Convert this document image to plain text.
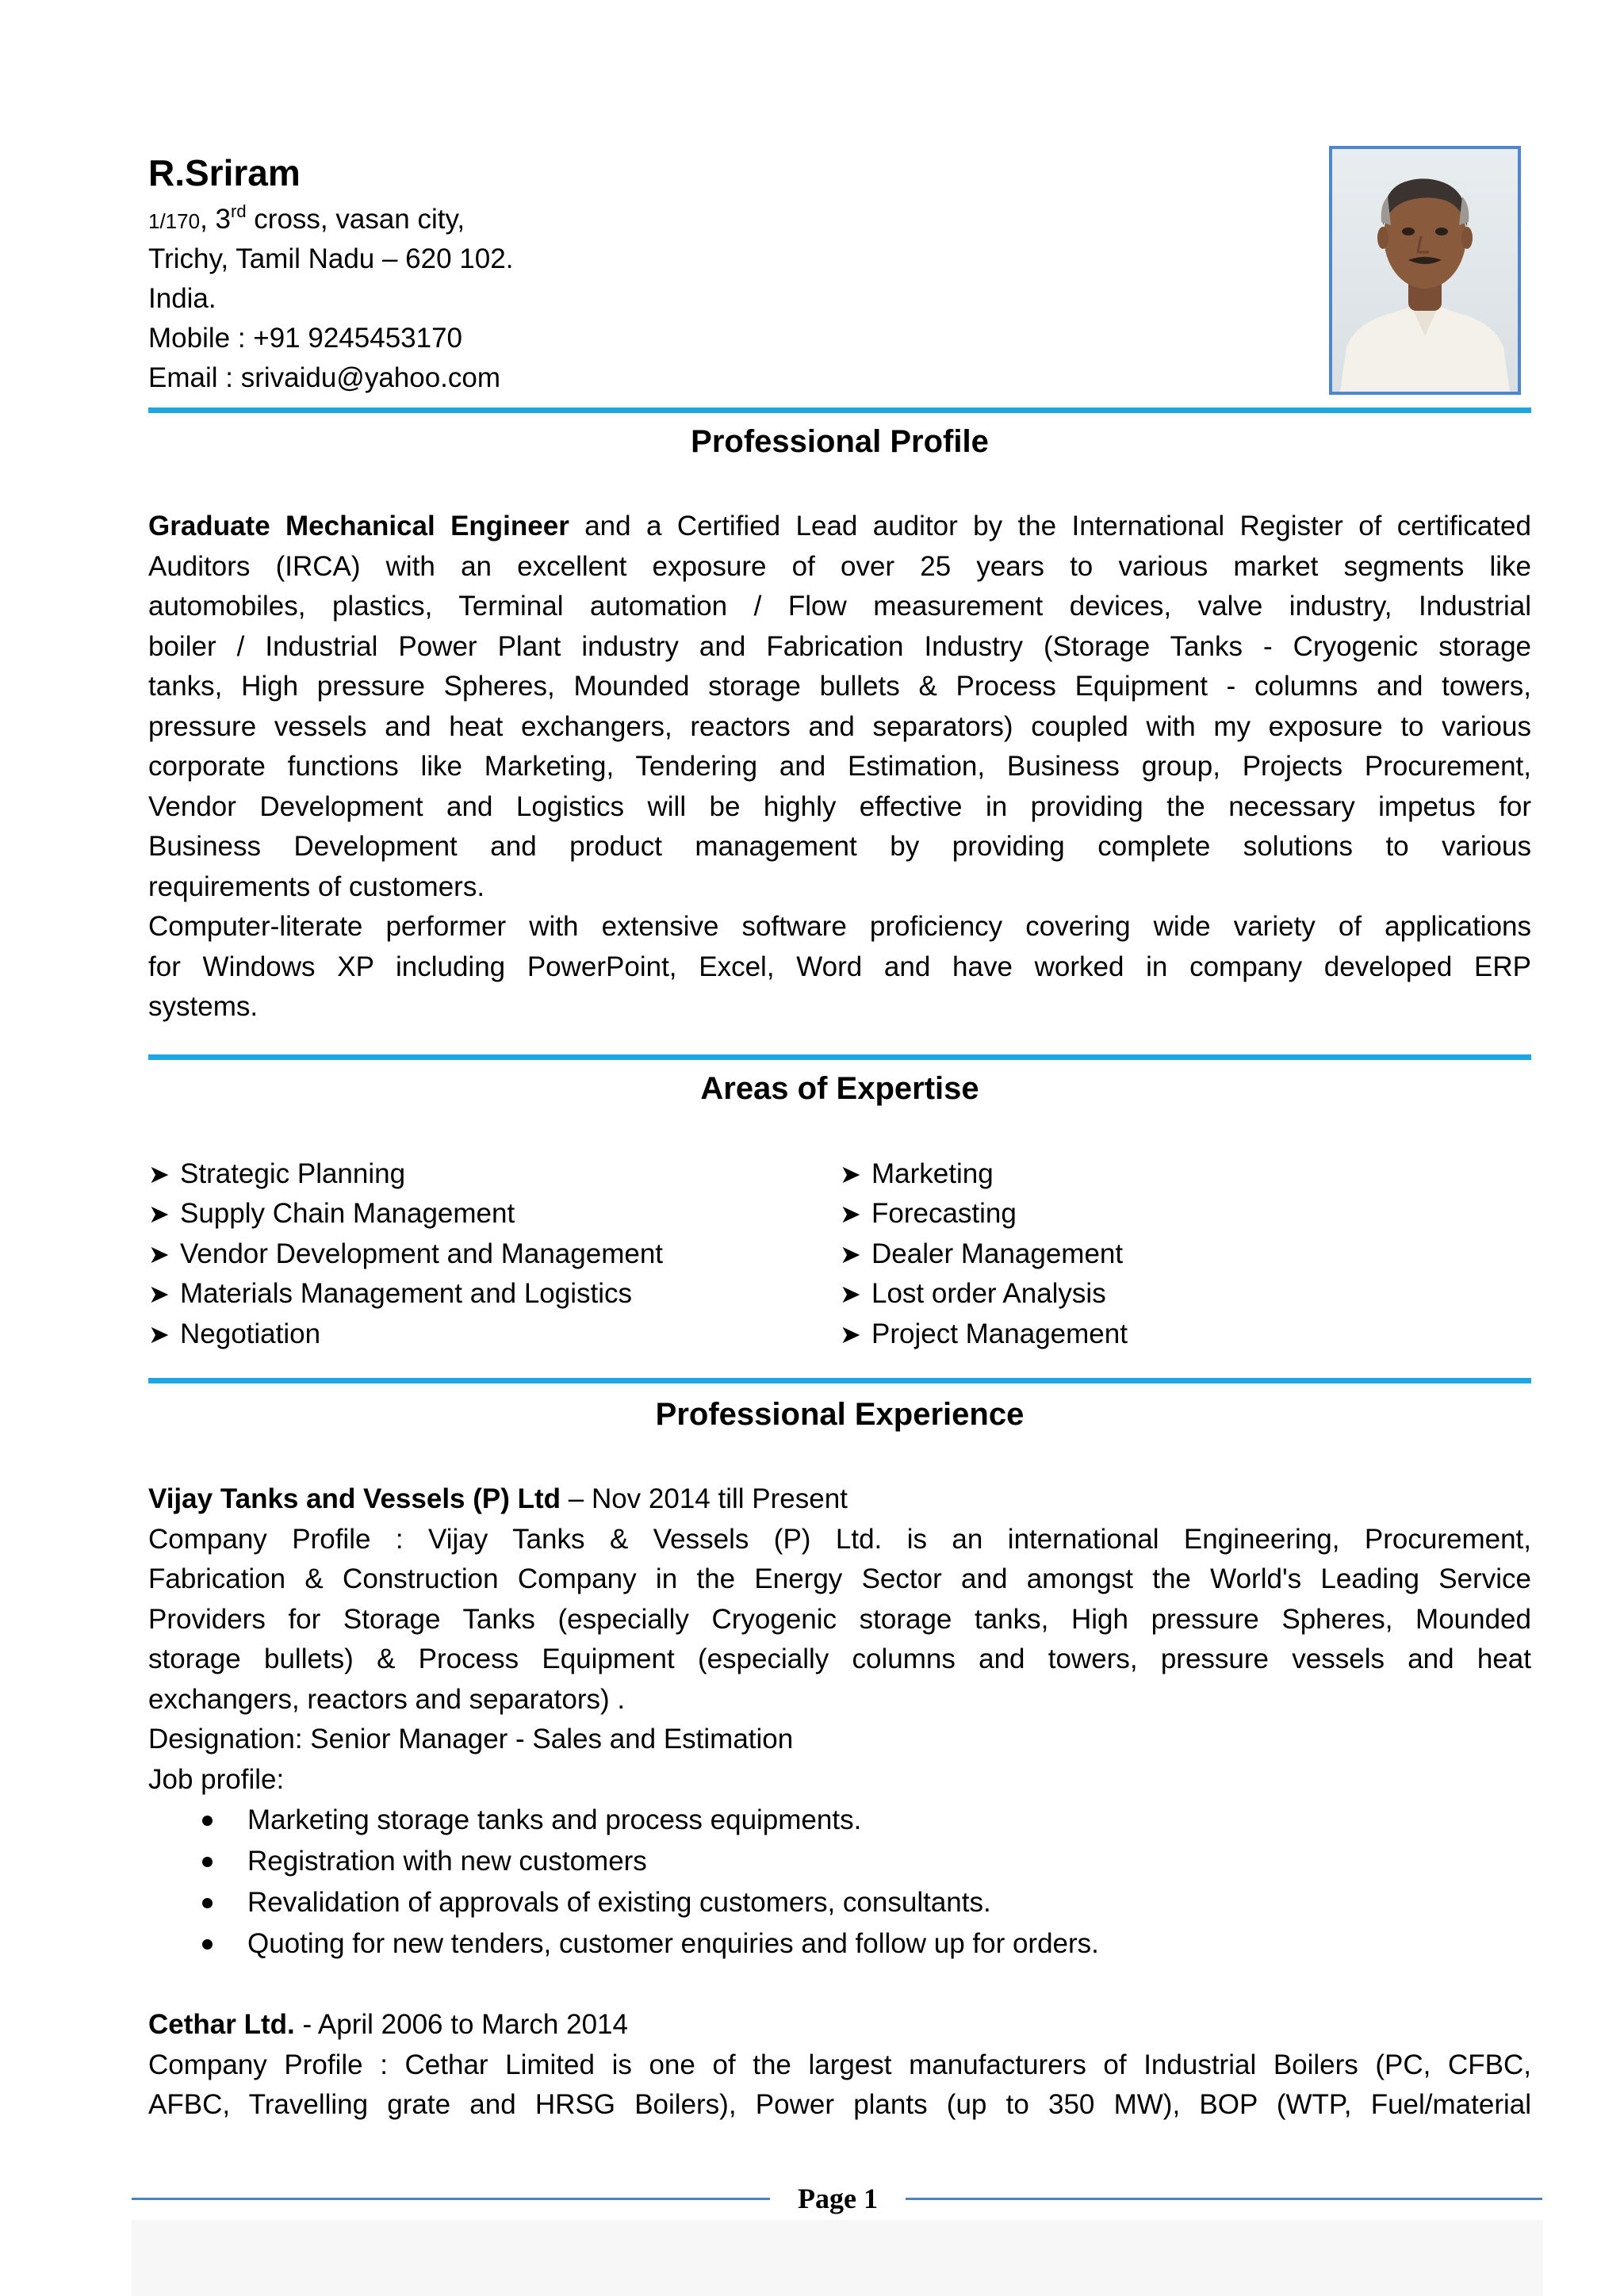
R.Sriram
1/170, 3rd cross, vasan city,
Trichy, Tamil Nadu – 620 102.
India.
Mobile : +91 9245453170
Email : srivaidu@yahoo.com
Professional Profile
Graduate Mechanical Engineer and a Certified Lead auditor by the International Register of certificated
Auditors (IRCA) with an excellent exposure of over 25 years to various market segments like
automobiles, plastics, Terminal automation / Flow measurement devices, valve industry, Industrial
boiler / Industrial Power Plant industry and Fabrication Industry (Storage Tanks - Cryogenic storage
tanks, High pressure Spheres, Mounded storage bullets & Process Equipment - columns and towers,
pressure vessels and heat exchangers, reactors and separators) coupled with my exposure to various
corporate functions like Marketing, Tendering and Estimation, Business group, Projects Procurement,
Vendor Development and Logistics will be highly effective in providing the necessary impetus for
Business Development and product management by providing complete solutions to various
requirements of customers.
Computer-literate performer with extensive software proficiency covering wide variety of applications
for Windows XP including PowerPoint, Excel, Word and have worked in company developed ERP
systems.
Areas of Expertise
➤ Strategic Planning
➤ Supply Chain Management
➤ Vendor Development and Management
➤ Materials Management and Logistics
➤ Negotiation
➤ Marketing
➤ Forecasting
➤ Dealer Management
➤ Lost order Analysis
➤ Project Management
Professional Experience
Vijay Tanks and Vessels (P) Ltd – Nov 2014 till Present
Company Profile : Vijay Tanks & Vessels (P) Ltd. is an international Engineering, Procurement,
Fabrication & Construction Company in the Energy Sector and amongst the World's Leading Service
Providers for Storage Tanks (especially Cryogenic storage tanks, High pressure Spheres, Mounded
storage bullets) & Process Equipment (especially columns and towers, pressure vessels and heat
exchangers, reactors and separators) .
Designation: Senior Manager - Sales and Estimation
Job profile:
Marketing storage tanks and process equipments.
Registration with new customers
Revalidation of approvals of existing customers, consultants.
Quoting for new tenders, customer enquiries and follow up for orders.
Cethar Ltd. - April 2006 to March 2014
Company Profile : Cethar Limited is one of the largest manufacturers of Industrial Boilers (PC, CFBC,
AFBC, Travelling grate and HRSG Boilers), Power plants (up to 350 MW), BOP (WTP, Fuel/material
Page 1
